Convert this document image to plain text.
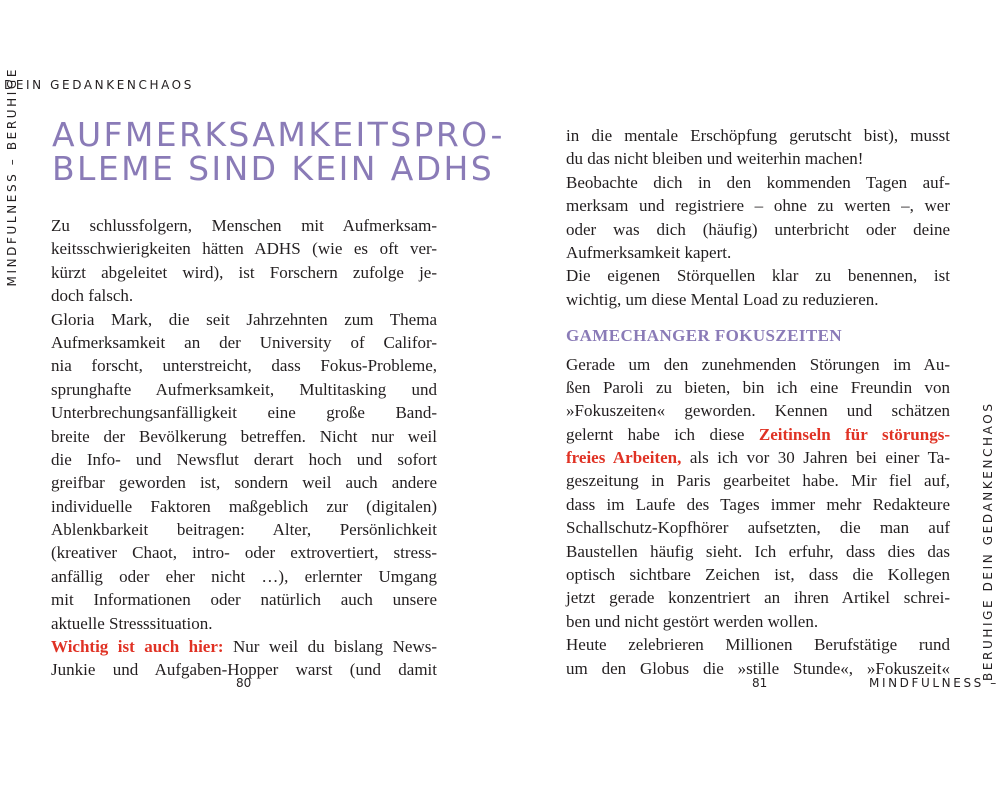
DEIN GEDANKENCHAOS
MINDFULNESS – BERUHIGE
BERUHIGE DEIN GEDANKENCHAOS
MINDFULNESS –
AUFMERKSAMKEITSPRO-
BLEME SIND KEIN ADHS
Zu schlussfolgern, Menschen mit Aufmerksam-
keitsschwierigkeiten hätten ADHS (wie es oft ver-
kürzt abgeleitet wird), ist Forschern zufolge je-
doch falsch.
Gloria Mark, die seit Jahrzehnten zum Thema
Aufmerksamkeit an der University of Califor-
nia forscht, unterstreicht, dass Fokus-Probleme,
sprunghafte Aufmerksamkeit, Multitasking und
Unterbrechungsanfälligkeit eine große Band-
breite der Bevölkerung betreffen. Nicht nur weil
die Info- und Newsflut derart hoch und sofort
greifbar geworden ist, sondern weil auch andere
individuelle Faktoren maßgeblich zur (digitalen)
Ablenkbarkeit beitragen: Alter, Persönlichkeit
(kreativer Chaot, intro- oder extrovertiert, stress-
anfällig oder eher nicht …), erlernter Umgang
mit Informationen oder natürlich auch unsere
aktuelle Stresssituation.
Wichtig ist auch hier: Nur weil du bislang News-
Junkie und Aufgaben-Hopper warst (und damit
in die mentale Erschöpfung gerutscht bist), musst
du das nicht bleiben und weiterhin machen!
Beobachte dich in den kommenden Tagen auf-
merksam und registriere – ohne zu werten –, wer
oder was dich (häufig) unterbricht oder deine
Aufmerksamkeit kapert.
Die eigenen Störquellen klar zu benennen, ist
wichtig, um diese Mental Load zu reduzieren.
GAMECHANGER FOKUSZEITEN
Gerade um den zunehmenden Störungen im Au-
ßen Paroli zu bieten, bin ich eine Freundin von
»Fokuszeiten« geworden. Kennen und schätzen
gelernt habe ich diese Zeitinseln für störungs-
freies Arbeiten, als ich vor 30 Jahren bei einer Ta-
geszeitung in Paris gearbeitet habe. Mir fiel auf,
dass im Laufe des Tages immer mehr Redakteure
Schallschutz-Kopfhörer aufsetzten, die man auf
Baustellen häufig sieht. Ich erfuhr, dass dies das
optisch sichtbare Zeichen ist, dass die Kollegen
jetzt gerade konzentriert an ihren Artikel schrei-
ben und nicht gestört werden wollen.
Heute zelebrieren Millionen Berufstätige rund
um den Globus die »stille Stunde«, »Fokuszeit«
80	81
